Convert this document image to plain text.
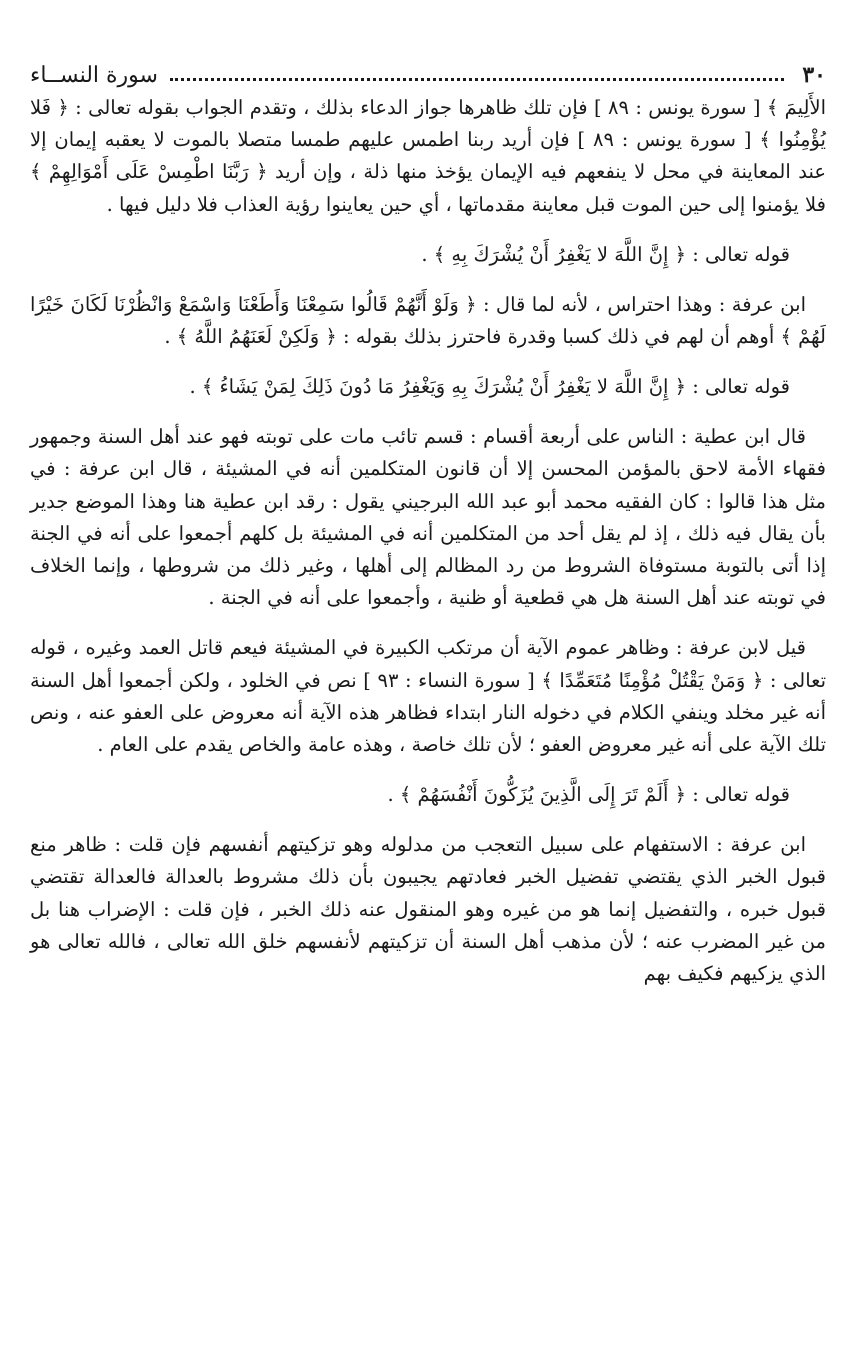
٣٠
سورة النســاء

الأَلِيمَ ﴾ [ سورة يونس : ٨٩ ] فإن تلك ظاهرها جواز الدعاء بذلك ، وتقدم الجواب بقوله تعالى : ﴿ فَلا يُؤْمِنُوا ﴾ [ سورة يونس : ٨٩ ] فإن أريد ربنا اطمس عليهم طمسا متصلا بالموت لا يعقبه إيمان إلا عند المعاينة في محل لا ينفعهم فيه الإيمان يؤخذ منها ذلة ، وإن أريد ﴿ رَبَّنَا اطْمِسْ عَلَى أَمْوَالِهِمْ ﴾ فلا يؤمنوا إلى حين الموت قبل معاينة مقدماتها ، أي حين يعاينوا رؤية العذاب فلا دليل فيها .

قوله تعالى : ﴿ إِنَّ اللَّهَ لا يَغْفِرُ أَنْ يُشْرَكَ بِهِ ﴾ .

ابن عرفة : وهذا احتراس ، لأنه لما قال : ﴿ وَلَوْ أَنَّهُمْ قَالُوا سَمِعْنَا وَأَطَعْنَا وَاسْمَعْ وَانْظُرْنَا لَكَانَ خَيْرًا لَهُمْ ﴾ أوهم أن لهم في ذلك كسبا وقدرة فاحترز بذلك بقوله : ﴿ وَلَكِنْ لَعَنَهُمُ اللَّهُ ﴾ .

قوله تعالى : ﴿ إِنَّ اللَّهَ لا يَغْفِرُ أَنْ يُشْرَكَ بِهِ وَيَغْفِرُ مَا دُونَ ذَلِكَ لِمَنْ يَشَاءُ ﴾ .

قال ابن عطية : الناس على أربعة أقسام : قسم تائب مات على توبته فهو عند أهل السنة وجمهور فقهاء الأمة لاحق بالمؤمن المحسن إلا أن قانون المتكلمين أنه في المشيئة ، قال ابن عرفة : في مثل هذا قالوا : كان الفقيه محمد أبو عبد الله البرجيني يقول : رقد ابن عطية هنا وهذا الموضع جدير بأن يقال فيه ذلك ، إذ لم يقل أحد من المتكلمين أنه في المشيئة بل كلهم أجمعوا على أنه في الجنة إذا أتى بالتوبة مستوفاة الشروط من رد المظالم إلى أهلها ، وغير ذلك من شروطها ، وإنما الخلاف في توبته عند أهل السنة هل هي قطعية أو ظنية ، وأجمعوا على أنه في الجنة .

قيل لابن عرفة : وظاهر عموم الآية أن مرتكب الكبيرة في المشيئة فيعم قاتل العمد وغيره ، قوله تعالى : ﴿ وَمَنْ يَقْتُلْ مُؤْمِنًا مُتَعَمِّدًا ﴾ [ سورة النساء : ٩٣ ] نص في الخلود ، ولكن أجمعوا أهل السنة أنه غير مخلد وينفي الكلام في دخوله النار ابتداء فظاهر هذه الآية أنه معروض على العفو عنه ، ونص تلك الآية على أنه غير معروض العفو ؛ لأن تلك خاصة ، وهذه عامة والخاص يقدم على العام .

قوله تعالى : ﴿ أَلَمْ تَرَ إِلَى الَّذِينَ يُزَكُّونَ أَنْفُسَهُمْ ﴾ .

ابن عرفة : الاستفهام على سبيل التعجب من مدلوله وهو تزكيتهم أنفسهم فإن قلت : ظاهر منع قبول الخبر الذي يقتضي تفضيل الخبر فعادتهم يجيبون بأن ذلك مشروط بالعدالة فالعدالة تقتضي قبول خبره ، والتفضيل إنما هو من غيره وهو المنقول عنه ذلك الخبر ، فإن قلت : الإضراب هنا بل من غير المضرب عنه ؛ لأن مذهب أهل السنة أن تزكيتهم لأنفسهم خلق الله تعالى ، فالله تعالى هو الذي يزكيهم فكيف بهم
